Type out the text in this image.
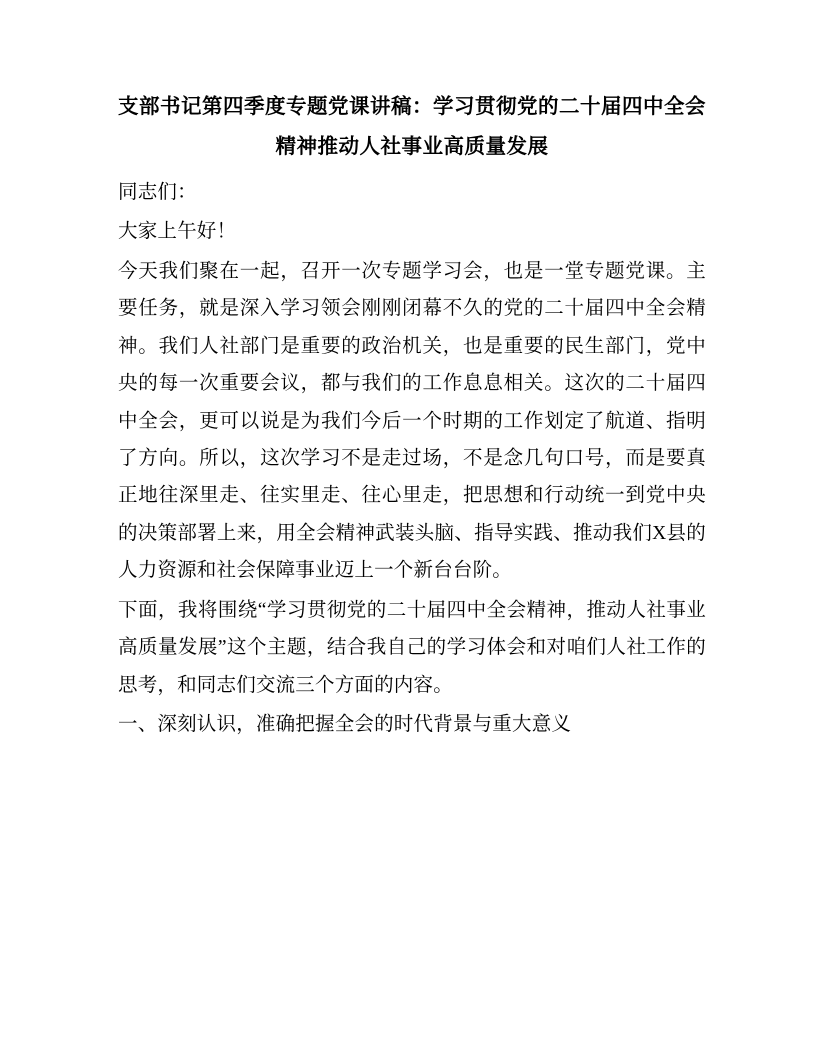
支部书记第四季度专题党课讲稿：学习贯彻党的二十届四中全会精神推动人社事业高质量发展

同志们：

大家上午好！

今天我们聚在一起，召开一次专题学习会，也是一堂专题党课。主要任务，就是深入学习领会刚刚闭幕不久的党的二十届四中全会精神。我们人社部门是重要的政治机关，也是重要的民生部门，党中央的每一次重要会议，都与我们的工作息息相关。这次的二十届四中全会，更可以说是为我们今后一个时期的工作划定了航道、指明了方向。所以，这次学习不是走过场，不是念几句口号，而是要真正地往深里走、往实里走、往心里走，把思想和行动统一到党中央的决策部署上来，用全会精神武装头脑、指导实践、推动我们X县的人力资源和社会保障事业迈上一个新台台阶。

下面，我将围绕“学习贯彻党的二十届四中全会精神，推动人社事业高质量发展”这个主题，结合我自己的学习体会和对咱们人社工作的思考，和同志们交流三个方面的内容。

一、深刻认识，准确把握全会的时代背景与重大意义
